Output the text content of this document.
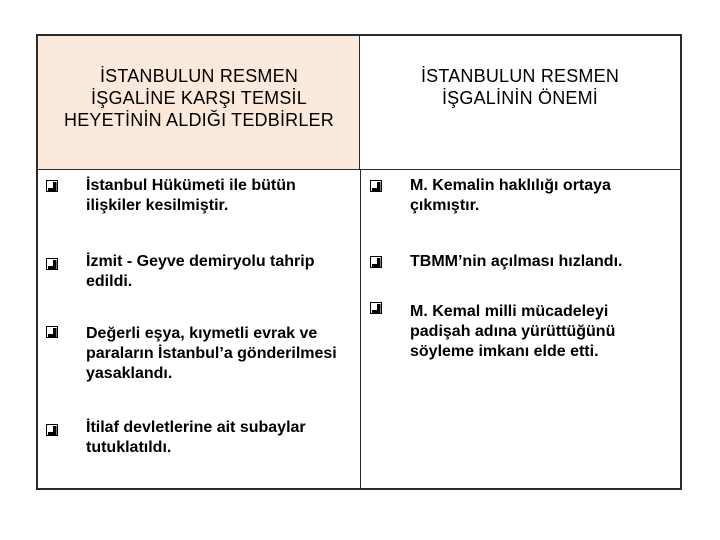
İSTANBULUN RESMEN
İŞGALİNE KARŞI TEMSİL
HEYETİNİN ALDIĞI TEDBİRLER
İSTANBULUN RESMEN
İŞGALİNİN ÖNEMİ
İstanbul Hükümeti ile bütün ilişkiler kesilmiştir.
İzmit - Geyve demiryolu tahrip edildi.
Değerli eşya, kıymetli evrak ve paraların İstanbul’a gönderilmesi yasaklandı.
İtilaf devletlerine ait subaylar tutuklatıldı.
M. Kemalin haklılığı ortaya çıkmıştır.
TBMM’nin açılması hızlandı.
M. Kemal milli mücadeleyi padişah adına yürüttüğünü söyleme imkanı elde etti.
